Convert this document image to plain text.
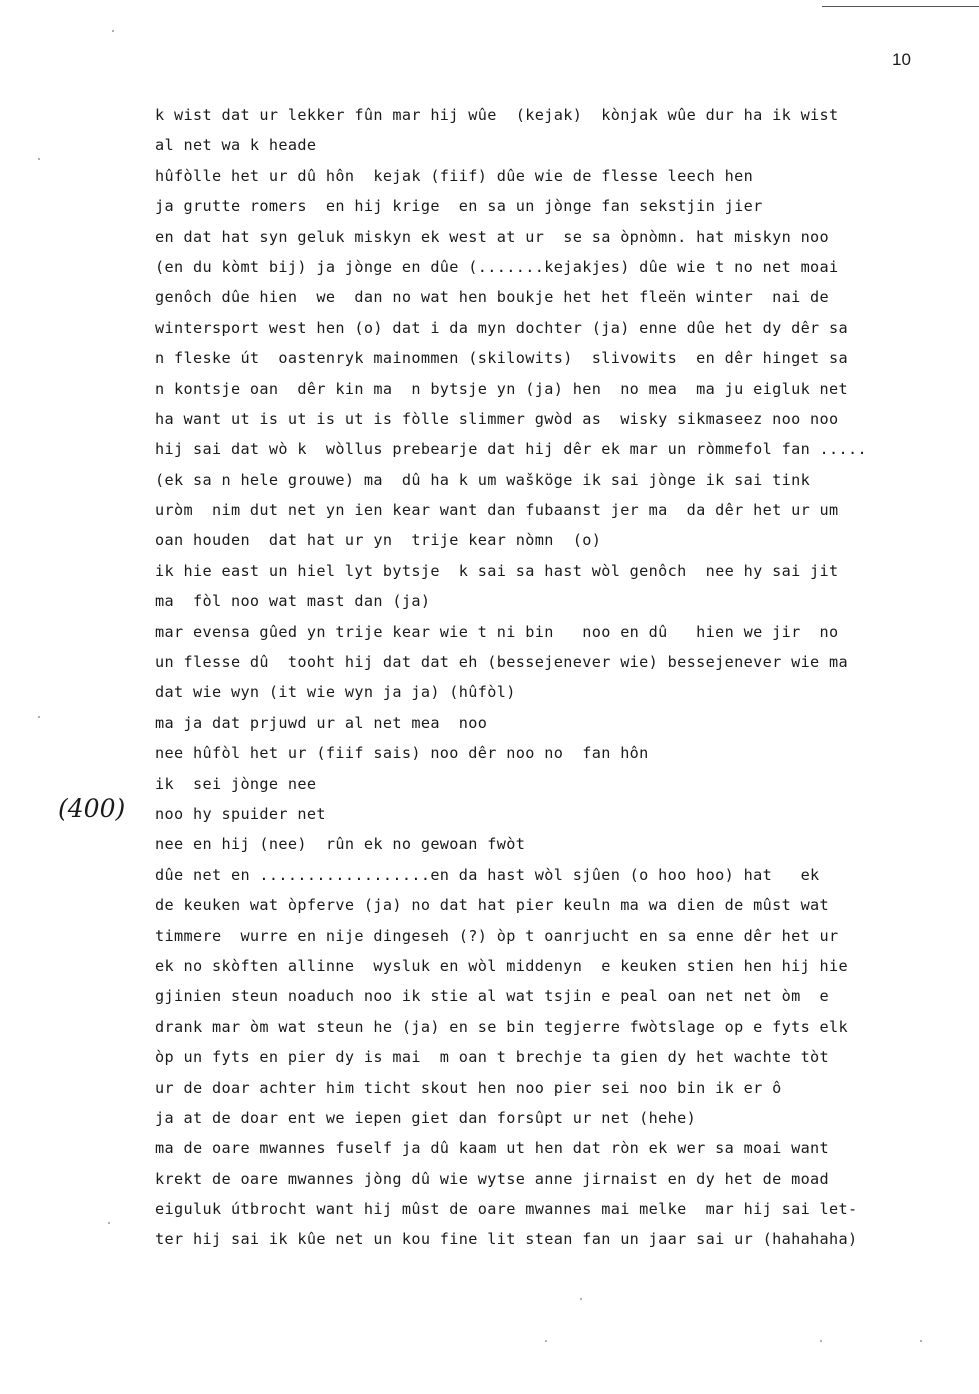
10
(400)
k wist dat ur lekker fûn mar hij wûe  (kejak)  kònjak wûe dur ha ik wist
al net wa k heade
hûfòlle het ur dû hôn  kejak (fiif) dûe wie de flesse leech hen
ja grutte romers  en hij krige  en sa un jònge fan sekstjin jier
en dat hat syn geluk miskyn ek west at ur  se sa òpnòmn. hat miskyn noo
(en du kòmt bij) ja jònge en dûe (.......kejakjes) dûe wie t no net moai
genôch dûe hien  we  dan no wat hen boukje het het fleën winter  nai de
wintersport west hen (o) dat i da myn dochter (ja) enne dûe het dy dêr sa
n fleske út  oastenryk mainommen (skilowits)  slivowits  en dêr hinget sa
n kontsje oan  dêr kin ma  n bytsje yn (ja) hen  no mea  ma ju eigluk net
ha want ut is ut is ut is fòlle slimmer gwòd as  wisky sikmaseez noo noo
hij sai dat wò k  wòllus prebearje dat hij dêr ek mar un ròmmefol fan .....
(ek sa n hele grouwe) ma  dû ha k um wašköge ik sai jònge ik sai tink
uròm  nim dut net yn ien kear want dan fubaanst jer ma  da dêr het ur um
oan houden  dat hat ur yn  trije kear nòmn  (o)
ik hie east un hiel lyt bytsje  k sai sa hast wòl genôch  nee hy sai jit
ma  fòl noo wat mast dan (ja)
mar evensa gûed yn trije kear wie t ni bin   noo en dû   hien we jir  no
un flesse dû  tooht hij dat dat eh (bessejenever wie) bessejenever wie ma
dat wie wyn (it wie wyn ja ja) (hûfòl)
ma ja dat prjuwd ur al net mea  noo
nee hûfòl het ur (fiif sais) noo dêr noo no  fan hôn
ik  sei jònge nee
noo hy spuider net
nee en hij (nee)  rûn ek no gewoan fwòt
dûe net en ..................en da hast wòl sjûen (o hoo hoo) hat   ek
de keuken wat òpferve (ja) no dat hat pier keuln ma wa dien de mûst wat
timmere  wurre en nije dingeseh (?) òp t oanrjucht en sa enne dêr het ur
ek no skòften allinne  wysluk en wòl middenyn  e keuken stien hen hij hie
gjinien steun noaduch noo ik stie al wat tsjin e peal oan net net òm  e
drank mar òm wat steun he (ja) en se bin tegjerre fwòtslage op e fyts elk
òp un fyts en pier dy is mai  m oan t brechje ta gien dy het wachte tòt
ur de doar achter him ticht skout hen noo pier sei noo bin ik er ô
ja at de doar ent we iepen giet dan forsûpt ur net (hehe)
ma de oare mwannes fuself ja dû kaam ut hen dat ròn ek wer sa moai want
krekt de oare mwannes jòng dû wie wytse anne jirnaist en dy het de moad
eiguluk útbrocht want hij mûst de oare mwannes mai melke  mar hij sai let-
ter hij sai ik kûe net un kou fine lit stean fan un jaar sai ur (hahahaha)
